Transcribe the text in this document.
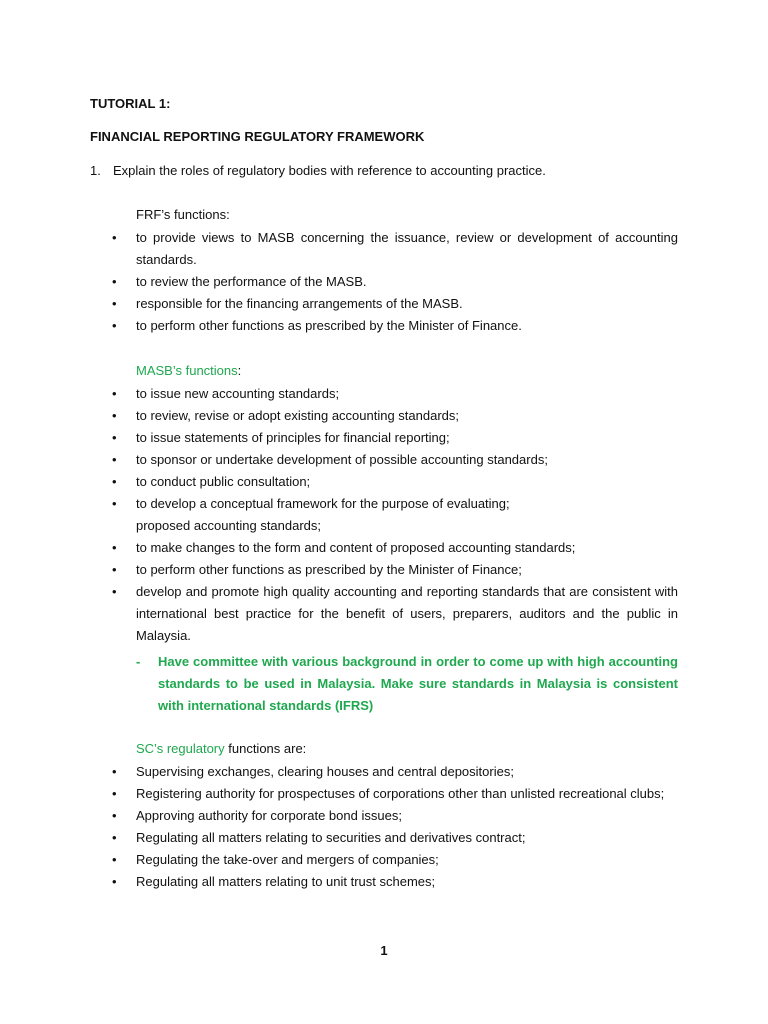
TUTORIAL 1:
FINANCIAL REPORTING REGULATORY FRAMEWORK
1. Explain the roles of regulatory bodies with reference to accounting practice.
FRF’s functions:
•	to provide views to MASB concerning the issuance, review or development of accounting standards.
•	to review the performance of the MASB.
•	responsible for the financing arrangements of the MASB.
•	to perform other functions as prescribed by the Minister of Finance.
MASB’s functions:
•	to issue new accounting standards;
•	to review, revise or adopt existing accounting standards;
•	to issue statements of principles for financial reporting;
•	to sponsor or undertake development of possible accounting standards;
•	to conduct public consultation;
•	to develop a conceptual framework for the purpose of evaluating;
proposed accounting standards;
•	to make changes to the form and content of proposed accounting standards;
•	to perform other functions as prescribed by the Minister of Finance;
•	develop and promote high quality accounting and reporting standards that are consistent with international best practice for the benefit of users, preparers, auditors and the public in Malaysia.
- Have committee with various background in order to come up with high accounting standards to be used in Malaysia. Make sure standards in Malaysia is consistent with international standards (IFRS)
SC’s regulatory functions are:
•	Supervising exchanges, clearing houses and central depositories;
•	Registering authority for prospectuses of corporations other than unlisted recreational clubs;
•	Approving authority for corporate bond issues;
•	Regulating all matters relating to securities and derivatives contract;
•	Regulating the take-over and mergers of companies;
•	Regulating all matters relating to unit trust schemes;
1
